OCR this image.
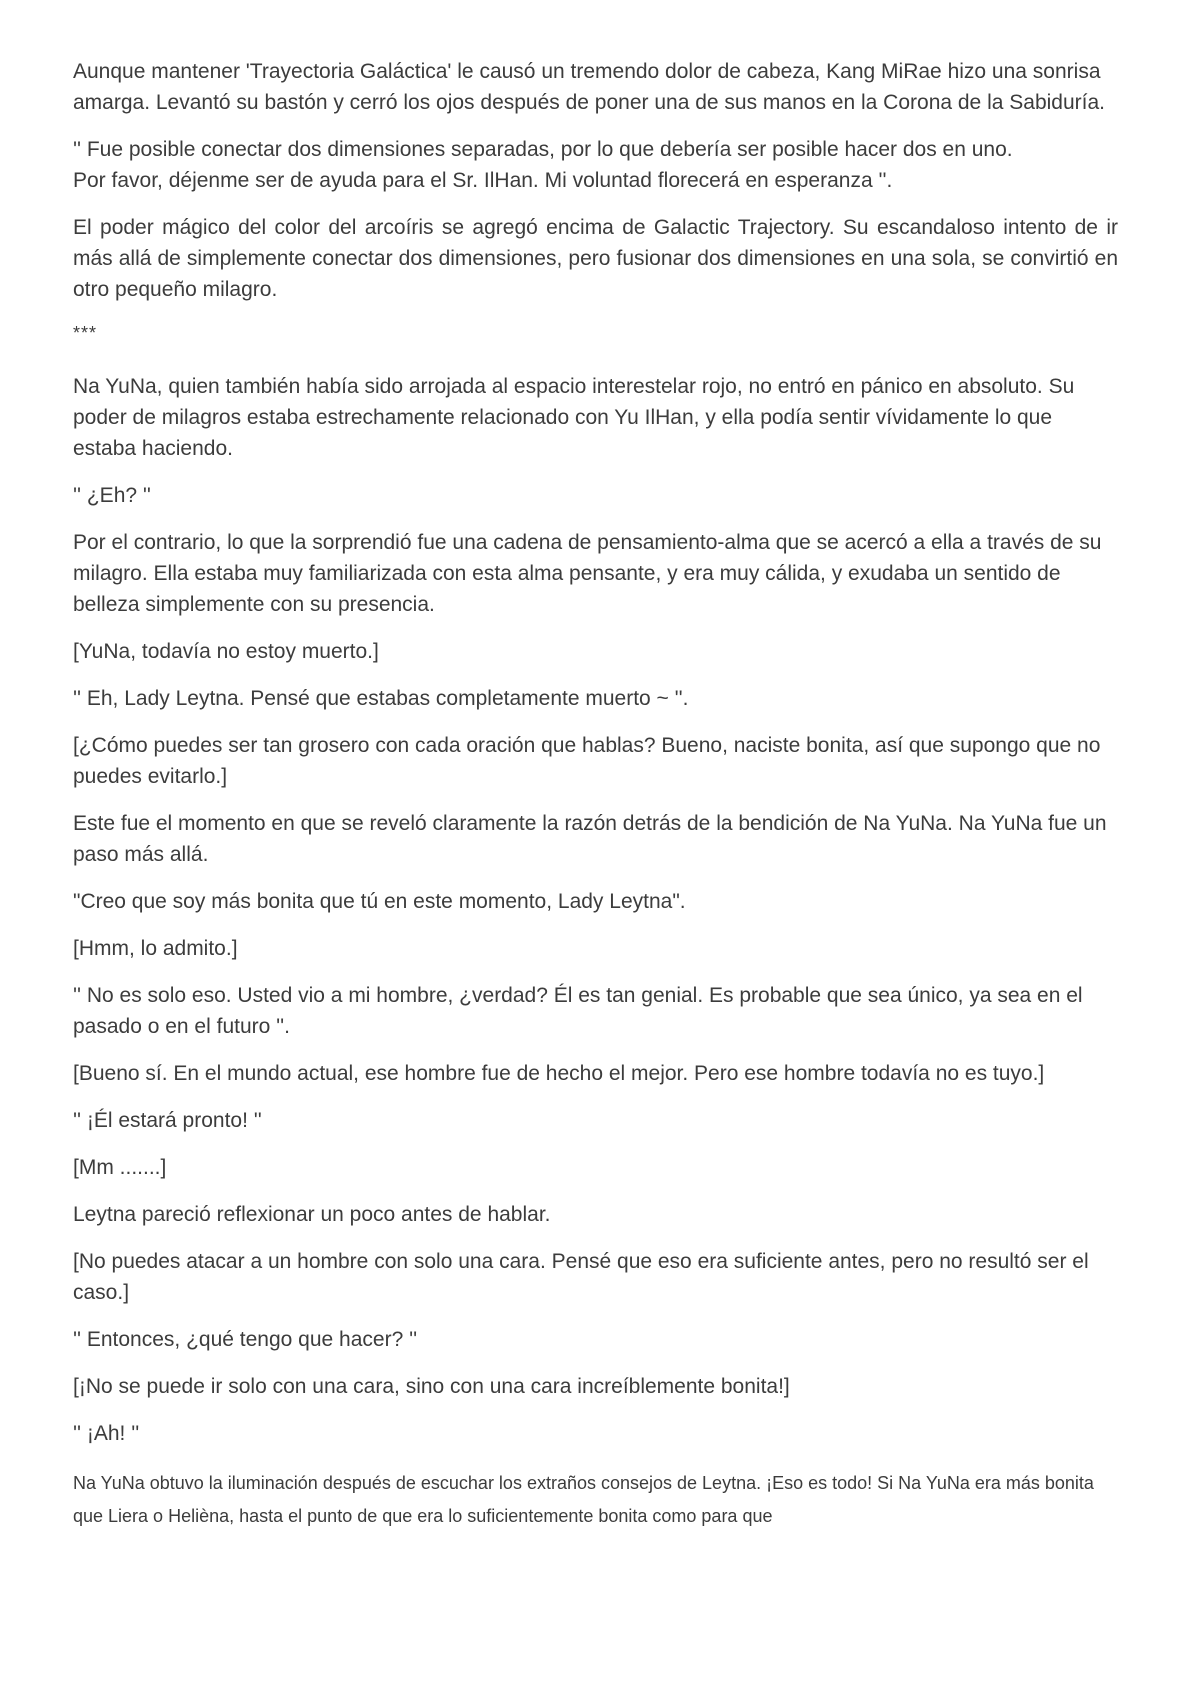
Aunque mantener 'Trayectoria Galáctica' le causó un tremendo dolor de cabeza, Kang MiRae hizo una sonrisa amarga. Levantó su bastón y cerró los ojos después de poner una de sus manos en la Corona de la Sabiduría.

'' Fue posible conectar dos dimensiones separadas, por lo que debería ser posible hacer dos en uno.
Por favor, déjenme ser de ayuda para el Sr. IlHan. Mi voluntad florecerá en esperanza ''.

El poder mágico del color del arcoíris se agregó encima de Galactic Trajectory. Su escandaloso intento de ir más allá de simplemente conectar dos dimensiones, pero fusionar dos dimensiones en una sola, se convirtió en otro pequeño milagro.

***

Na YuNa, quien también había sido arrojada al espacio interestelar rojo, no entró en pánico en absoluto. Su poder de milagros estaba estrechamente relacionado con Yu IlHan, y ella podía sentir vívidamente lo que estaba haciendo.

'' ¿Eh? ''

Por el contrario, lo que la sorprendió fue una cadena de pensamiento-alma que se acercó a ella a través de su milagro. Ella estaba muy familiarizada con esta alma pensante, y era muy cálida, y exudaba un sentido de belleza simplemente con su presencia.

[YuNa, todavía no estoy muerto.]

'' Eh, Lady Leytna. Pensé que estabas completamente muerto ~ ''.

[¿Cómo puedes ser tan grosero con cada oración que hablas? Bueno, naciste bonita, así que supongo que no puedes evitarlo.]

Este fue el momento en que se reveló claramente la razón detrás de la bendición de Na YuNa. Na YuNa fue un paso más allá.

"Creo que soy más bonita que tú en este momento, Lady Leytna".

[Hmm, lo admito.]

'' No es solo eso. Usted vio a mi hombre, ¿verdad? Él es tan genial. Es probable que sea único, ya sea en el pasado o en el futuro ''.

[Bueno sí. En el mundo actual, ese hombre fue de hecho el mejor. Pero ese hombre todavía no es tuyo.]

'' ¡Él estará pronto! ''

[Mm .......]

Leytna pareció reflexionar un poco antes de hablar.

[No puedes atacar a un hombre con solo una cara. Pensé que eso era suficiente antes, pero no resultó ser el caso.]

'' Entonces, ¿qué tengo que hacer? ''

[¡No se puede ir solo con una cara, sino con una cara increíblemente bonita!]

'' ¡Ah! ''

Na YuNa obtuvo la iluminación después de escuchar los extraños consejos de Leytna. ¡Eso es todo! Si Na YuNa era más bonita que Liera o Helièna, hasta el punto de que era lo suficientemente bonita como para que
